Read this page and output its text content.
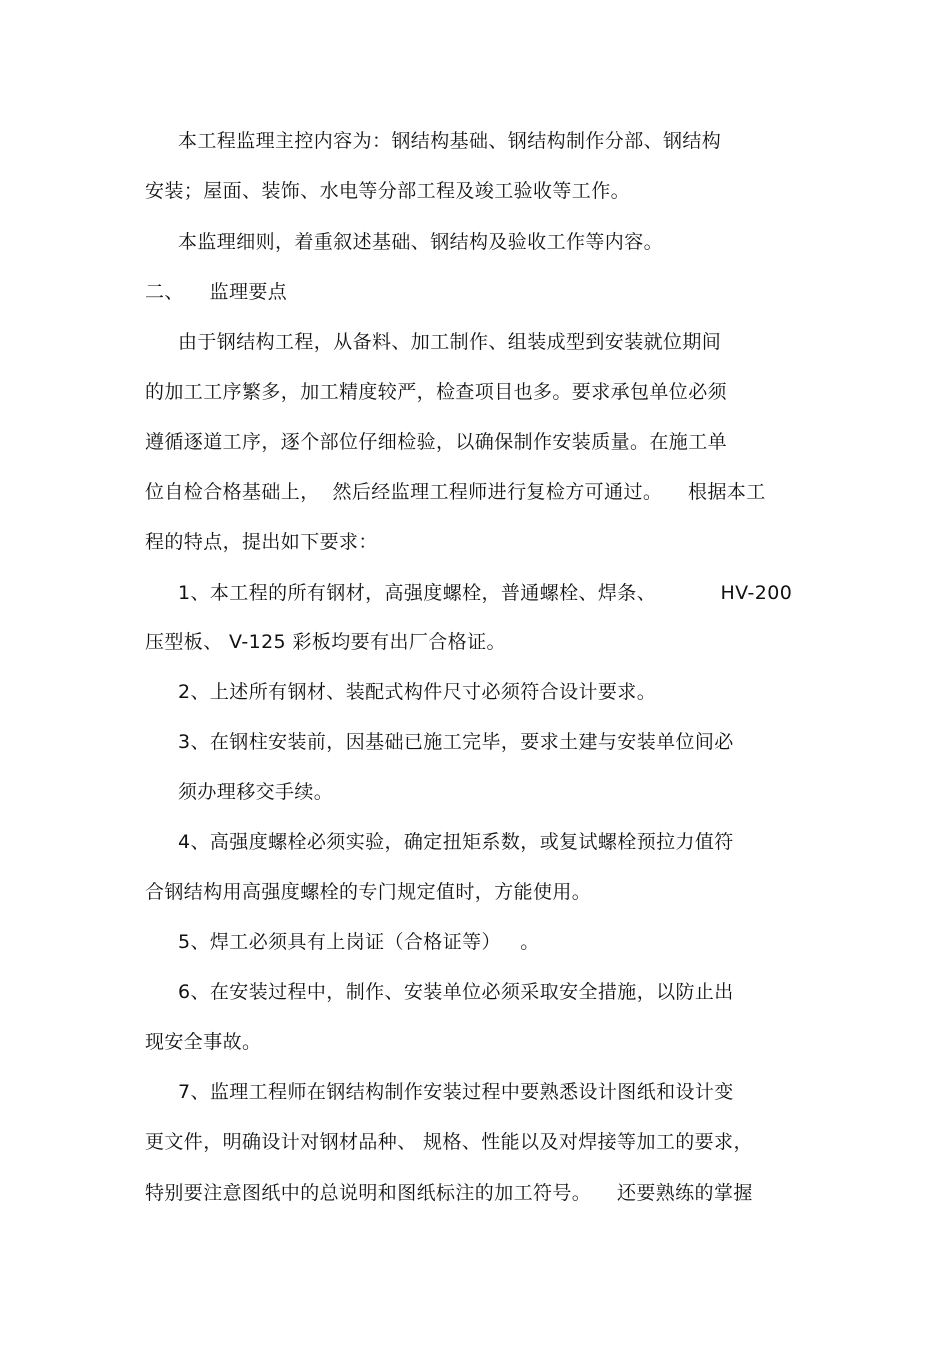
本工程监理主控内容为：钢结构基础、钢结构制作分部、钢结构
安装；屋面、装饰、水电等分部工程及竣工验收等工作。
本监理细则，着重叙述基础、钢结构及验收工作等内容。
二、    监理要点
由于钢结构工程，从备料、加工制作、组装成型到安装就位期间
的加工工序繁多，加工精度较严，检查项目也多。要求承包单位必须
遵循逐道工序，逐个部位仔细检验，以确保制作安装质量。在施工单
位自检合格基础上，  然后经监理工程师进行复检方可通过。    根据本工
程的特点，提出如下要求：
1、本工程的所有钢材，高强度螺栓，普通螺栓、焊条、          HV-200
压型板、 V-125 彩板均要有出厂合格证。
2、上述所有钢材、装配式构件尺寸必须符合设计要求。
3、在钢柱安装前，因基础已施工完毕，要求土建与安装单位间必
须办理移交手续。
4、高强度螺栓必须实验，确定扭矩系数，或复试螺栓预拉力值符
合钢结构用高强度螺栓的专门规定值时，方能使用。
5、焊工必须具有上岗证（合格证等）   。
6、在安装过程中，制作、安装单位必须采取安全措施，以防止出
现安全事故。
7、监理工程师在钢结构制作安装过程中要熟悉设计图纸和设计变
更文件，明确设计对钢材品种、 规格、性能以及对焊接等加工的要求，
特别要注意图纸中的总说明和图纸标注的加工符号。    还要熟练的掌握
